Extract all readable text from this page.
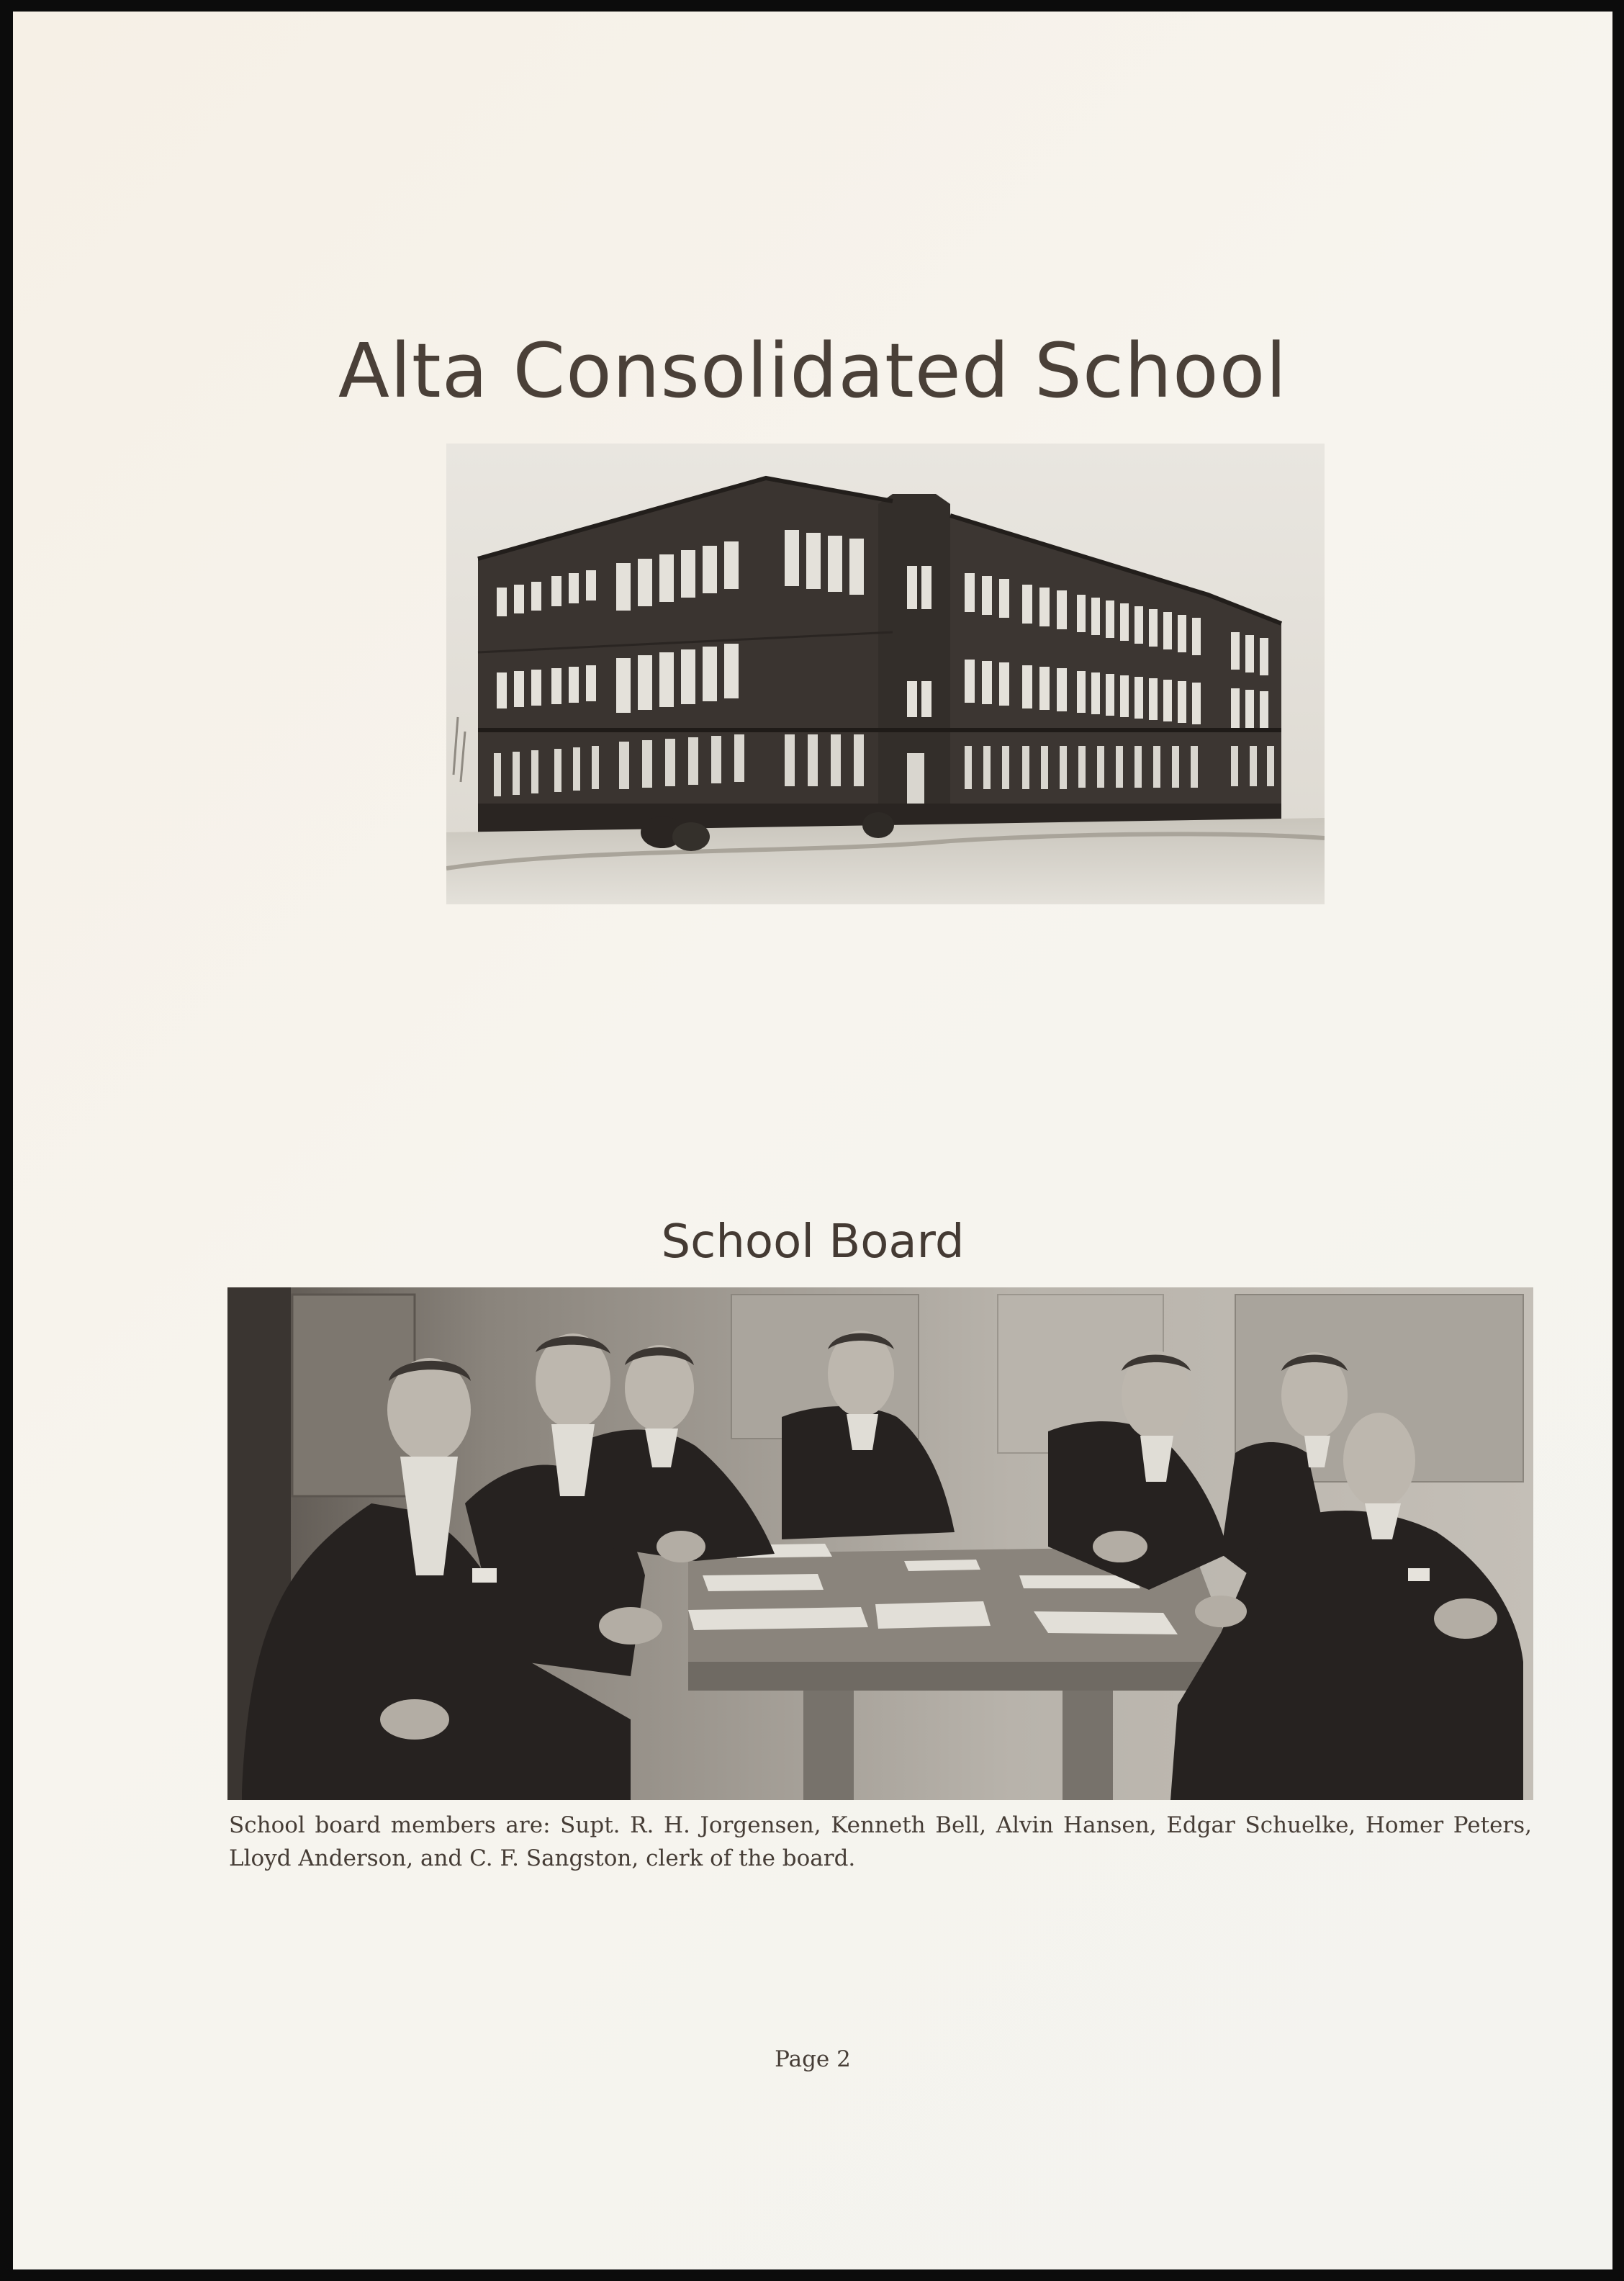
Alta Consolidated School
School Board
School board members are: Supt. R. H. Jorgensen, Kenneth Bell, Alvin Hansen, Edgar Schuelke, Homer Peters, Lloyd Anderson, and C. F. Sangston, clerk of the board.
Page 2
